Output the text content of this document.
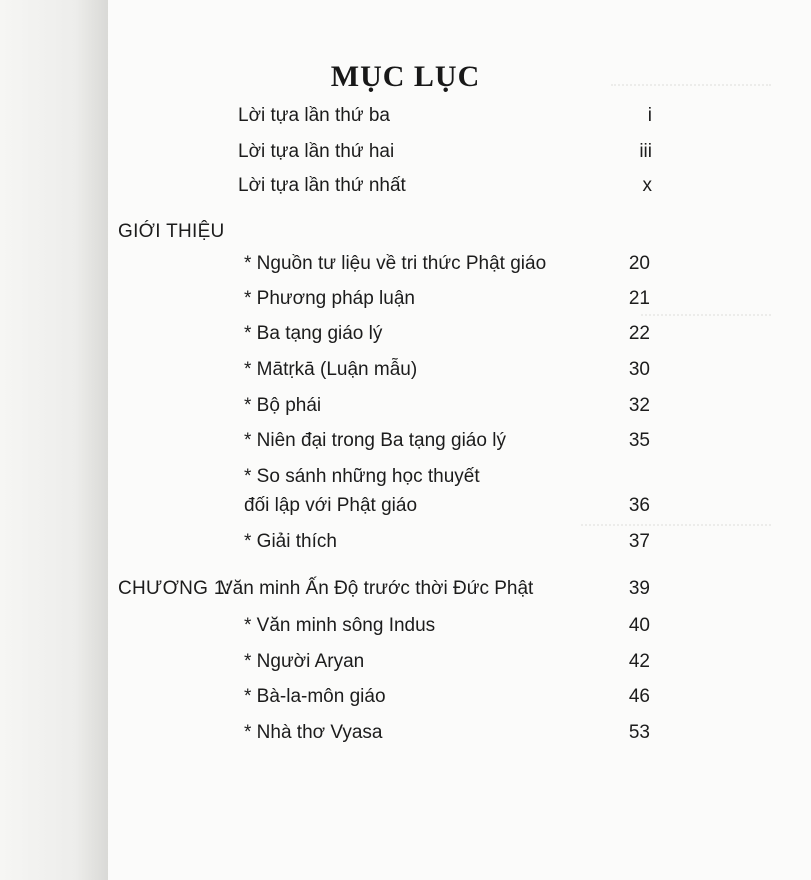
MỤC LỤC
Lời tựa lần thứ ba	i
Lời tựa lần thứ hai	iii
Lời tựa lần thứ nhất	x
GIỚI THIỆU
* Nguồn tư liệu về tri thức Phật giáo	20
* Phương pháp luận	21
* Ba tạng giáo lý	22
* Mātṛkā (Luận mẫu)	30
* Bộ phái	32
* Niên đại trong Ba tạng giáo lý	35
* So sánh những học thuyết
đối lập với Phật giáo	36
* Giải thích	37
CHƯƠNG 1:
Văn minh Ấn Độ trước thời Đức Phật	39
* Văn minh sông Indus	40
* Người Aryan	42
* Bà-la-môn giáo	46
* Nhà thơ Vyasa	53
